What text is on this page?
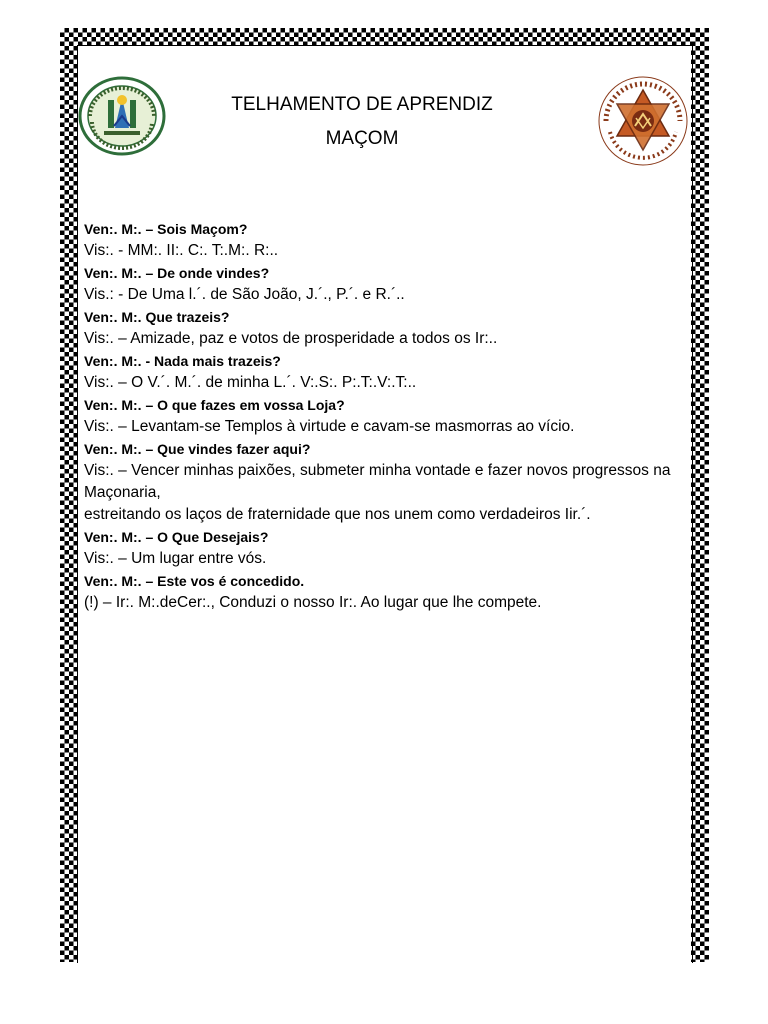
TELHAMENTO DE APRENDIZ
MAÇOM
Ven:. M:. – Sois Maçom?
Vis:. - MM:. II:. C:. T:.M:. R:..
Ven:. M:. – De onde vindes?
Vis.: - De Uma l.´. de São João, J.´., P.´. e R.´..
Ven:. M:. Que trazeis?
Vis:. – Amizade, paz e votos de prosperidade a todos os Ir:..
Ven:. M:. - Nada mais trazeis?
Vis:. – O V.´. M.´. de minha L.´. V:.S:. P:.T:.V:.T:..
Ven:. M:. – O que fazes em vossa Loja?
Vis:. – Levantam-se Templos à virtude e cavam-se masmorras ao vício.
Ven:. M:. – Que vindes fazer aqui?
Vis:. – Vencer minhas paixões, submeter minha vontade e fazer novos progressos na Maçonaria,
estreitando os laços de fraternidade que nos unem como verdadeiros Iir.´.
Ven:. M:. – O Que Desejais?
Vis:. – Um lugar entre vós.
Ven:. M:. – Este vos é concedido.
(!) – Ir:. M:.deCer:., Conduzi o nosso Ir:. Ao lugar que lhe compete.
